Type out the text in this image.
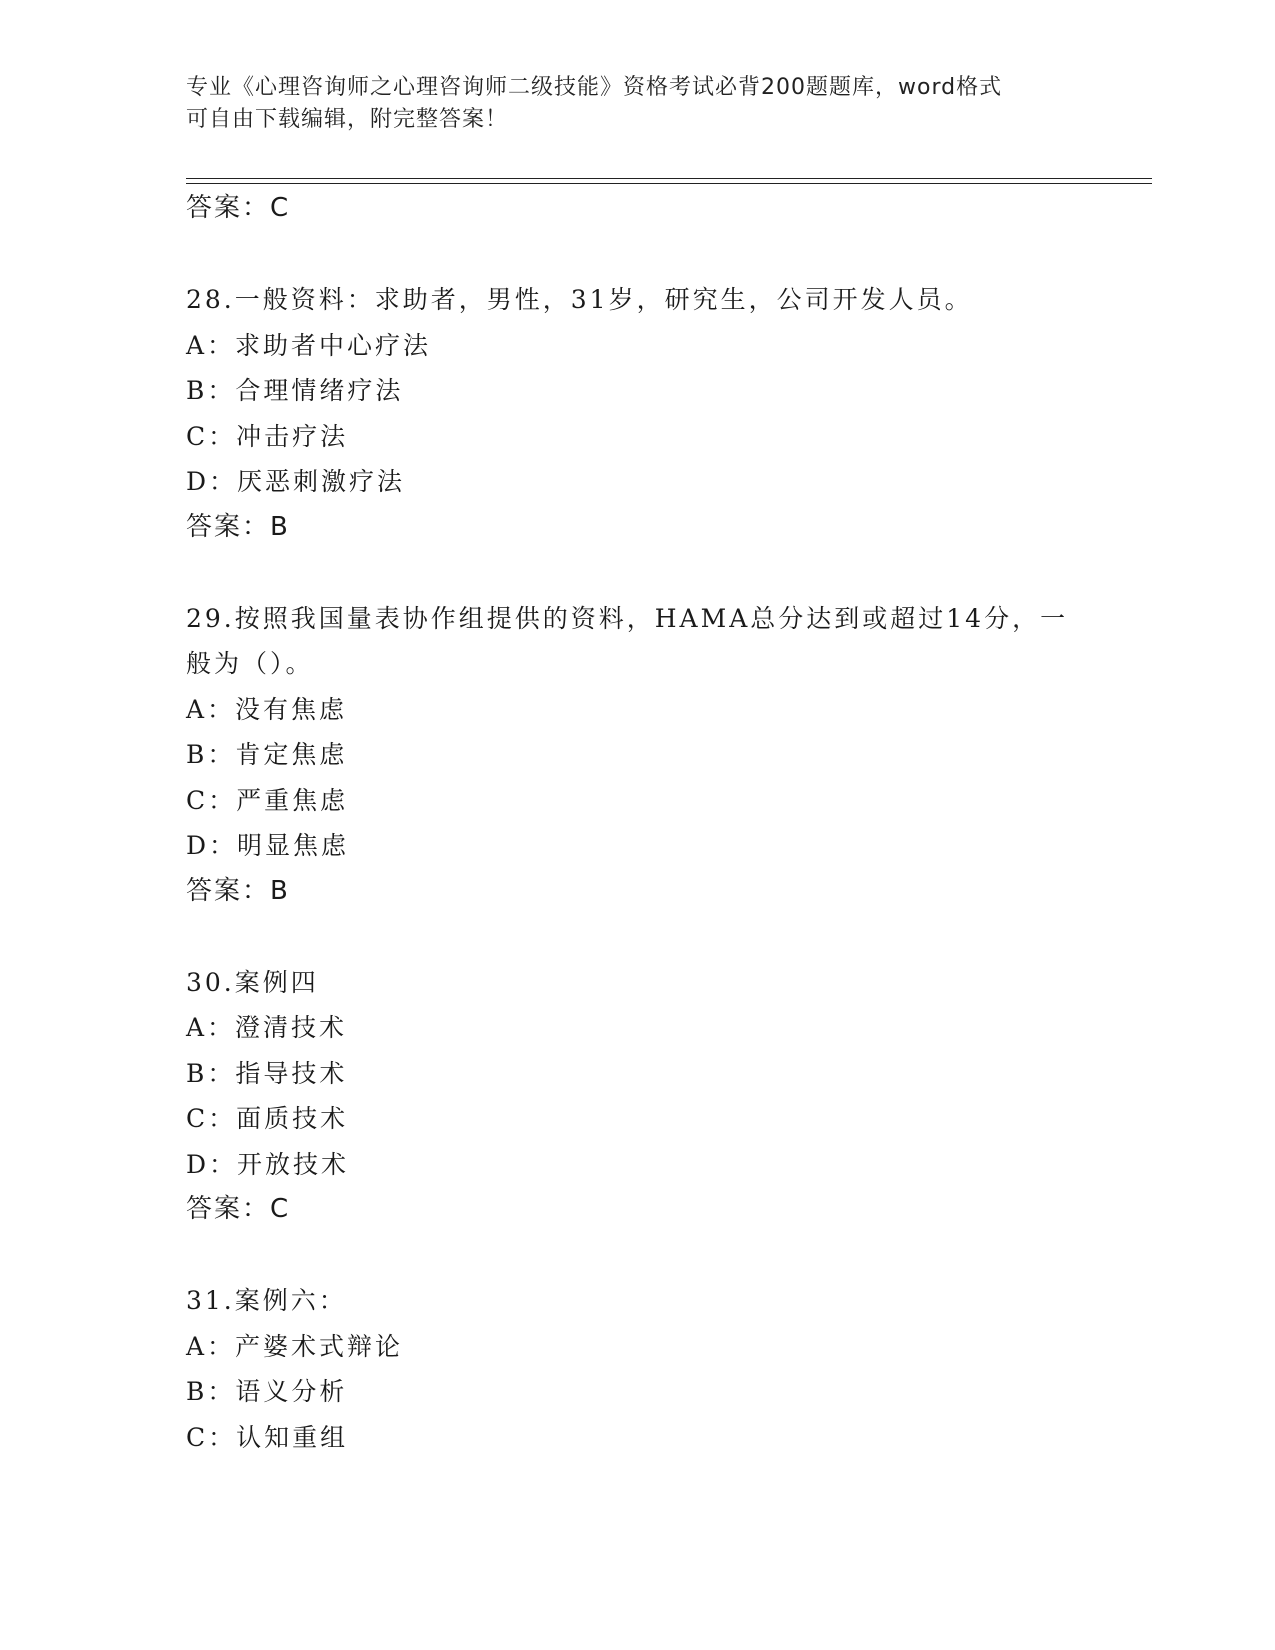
专业《心理咨询师之心理咨询师二级技能》资格考试必背200题题库，word格式
可自由下载编辑，附完整答案！
答案：C
28.一般资料：求助者，男性，31岁，研究生，公司开发人员。
A：求助者中心疗法
B：合理情绪疗法
C：冲击疗法
D：厌恶刺激疗法
答案：B
29.按照我国量表协作组提供的资料，HAMA总分达到或超过14分，一
般为（）。
A：没有焦虑
B：肯定焦虑
C：严重焦虑
D：明显焦虑
答案：B
30.案例四
A：澄清技术
B：指导技术
C：面质技术
D：开放技术
答案：C
31.案例六：
A：产婆术式辩论
B：语义分析
C：认知重组
